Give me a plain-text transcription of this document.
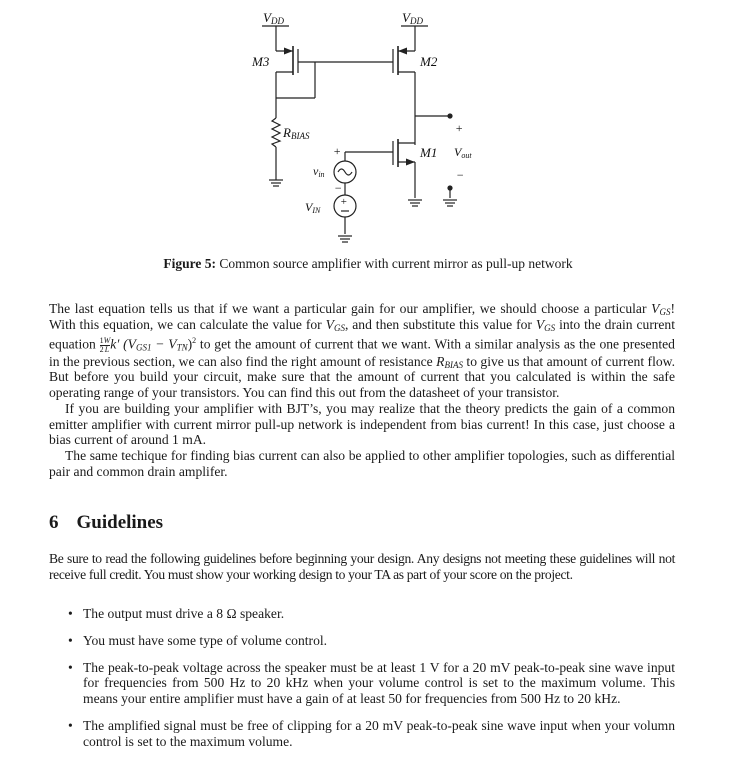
VDD
M3
RBIAS
VDD
M2
M1
+
+
−
vin
VIN
+
Vout
−
Figure 5: Common source amplifier with current mirror as pull-up network

The last equation tells us that if we want a particular gain for our amplifier, we should choose a particular $V_{GS}$! With this equation, we can calculate the value for $V_{GS}$, and then substitute this value for $V_{GS}$ into the drain current equation $\frac{1}{2} \frac{W}{L} k'$ $(V_{GS1} - V_{TN})^2$ to get the amount of current that we want. With a similar analysis as the one presented in the previous section, we can also find the right amount of resistance $R_{BIAS}$ to give us that amount of current flow. But before you build your circuit, make sure that the amount of current that you calculated is within the safe operating range of your transistors. You can find this out from the datasheet of your transistor.

If you are building your amplifier with BJT’s, you may realize that the theory predicts the gain of a common emitter amplifier with current mirror pull-up network is independent from bias current! In this case, just choose a bias current of around 1 mA.

The same techique for finding bias current can also be applied to other amplifier topologies, such as differential pair and common drain amplifer.

6 Guidelines
Be sure to read the following guidelines before beginning your design. Any designs not meeting these guidelines will not receive full credit. You must show your working design to your TA as part of your score on the project.
• The output must drive a 8 Ω speaker.
• You must have some type of volume control.
• The peak-to-peak voltage across the speaker must be at least 1 V for a 20 mV peak-to-peak sine wave input for frequencies from 500 Hz to 20 kHz when your volume control is set to the maximum volume. This means your entire amplifier must have a gain of at least 50 for frequencies from 500 Hz to 20 kHz.
• The amplified signal must be free of clipping for a 20 mV peak-to-peak sine wave input when your volumn control is set to the maximum volume.
